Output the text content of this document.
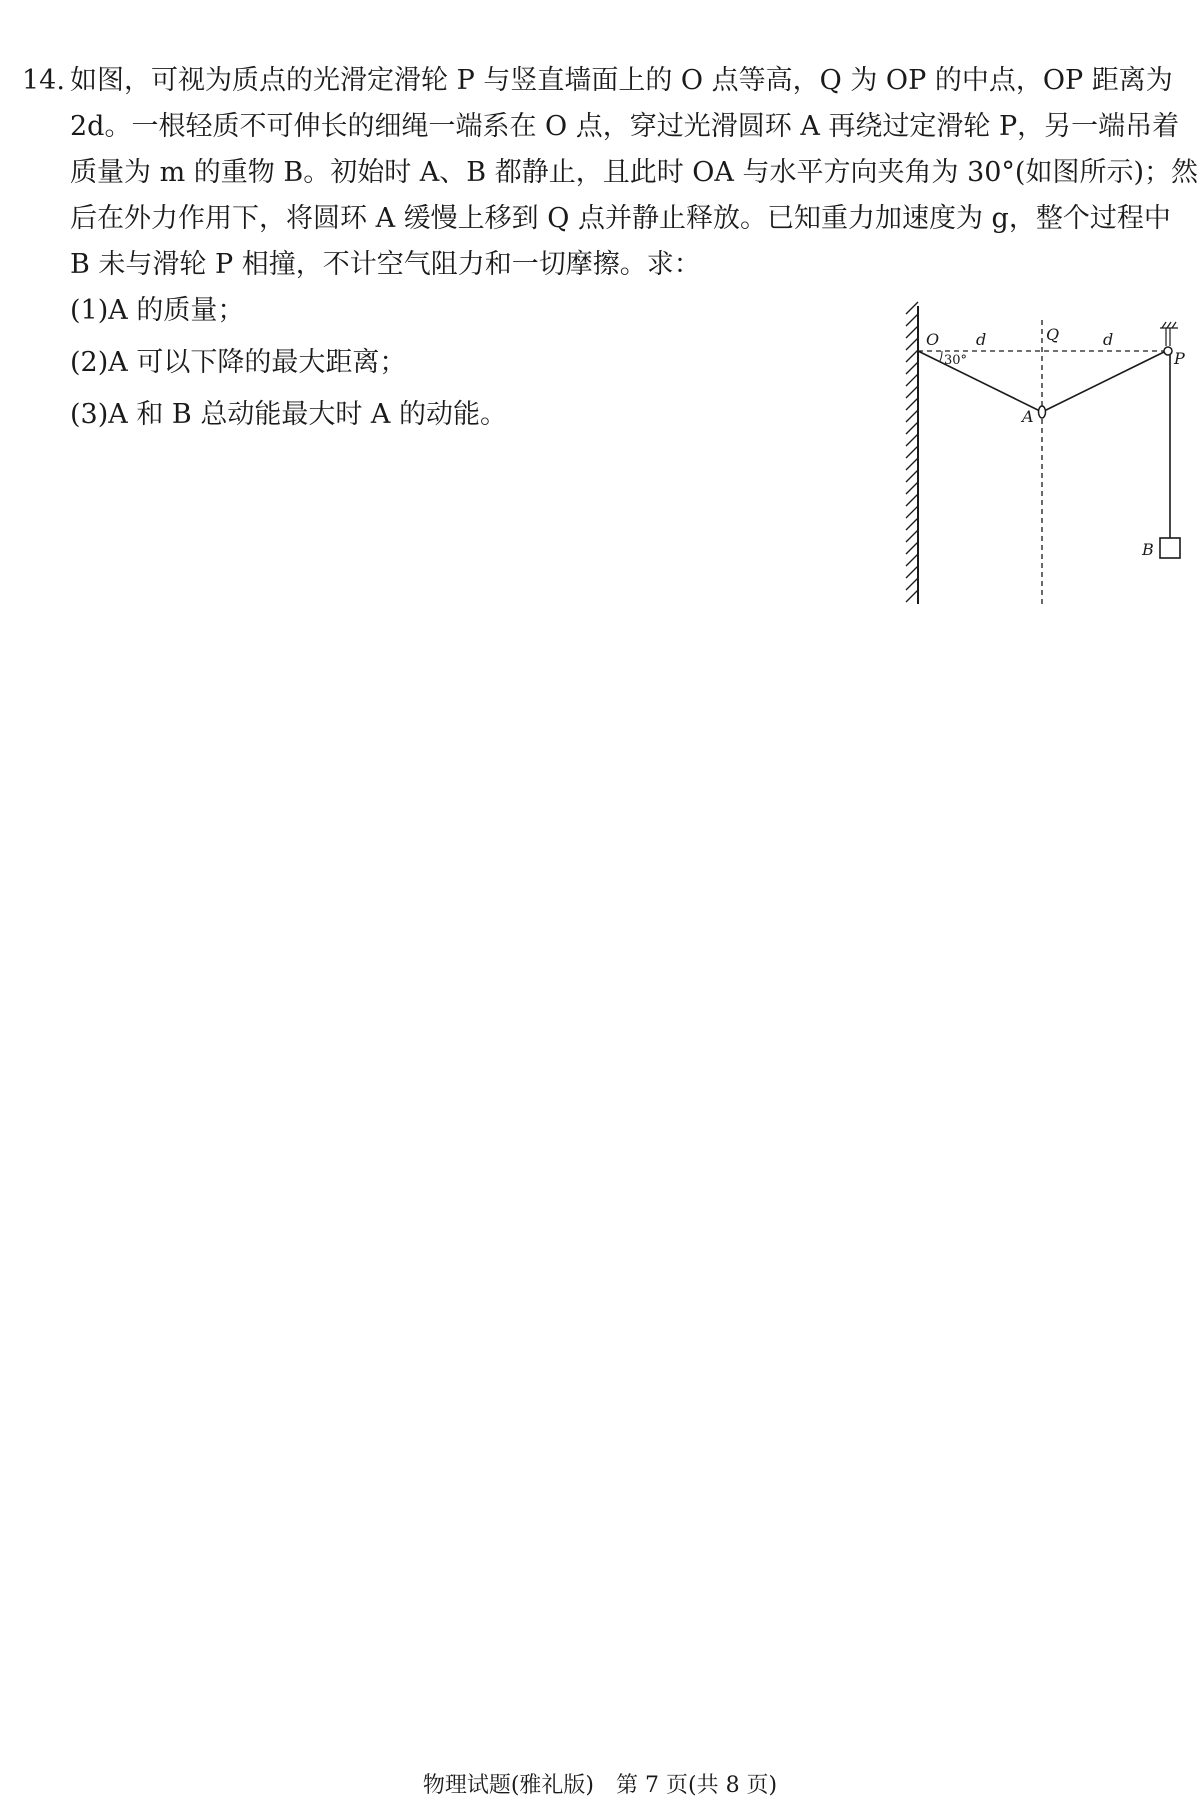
14. 如图，可视为质点的光滑定滑轮 P 与竖直墙面上的 O 点等高，Q 为 OP 的中点，OP 距离为
2d。一根轻质不可伸长的细绳一端系在 O 点，穿过光滑圆环 A 再绕过定滑轮 P，另一端吊着
质量为 m 的重物 B。初始时 A、B 都静止，且此时 OA 与水平方向夹角为 30°(如图所示)；然
后在外力作用下，将圆环 A 缓慢上移到 Q 点并静止释放。已知重力加速度为 g，整个过程中
B 未与滑轮 P 相撞，不计空气阻力和一切摩擦。求：
(1)A 的质量；
(2)A 可以下降的最大距离；
(3)A 和 B 总动能最大时 A 的动能。
O d	Q	d
P
30°
A
B
物理试题(雅礼版)　第 7 页(共 8 页)
